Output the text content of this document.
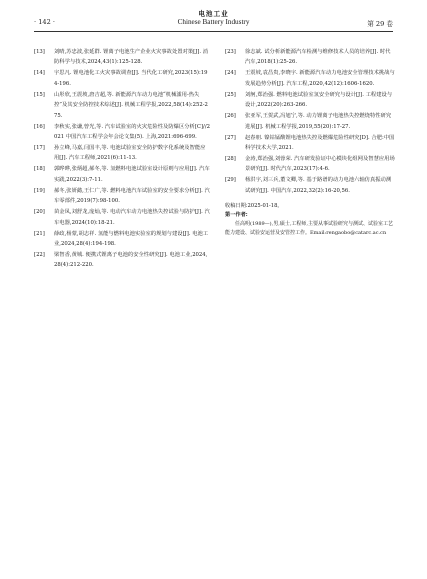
电池工业
· 142 ·	Chinese Battery Industry	第 29 卷
[13] 刘晴,苏忠波,张延群. 锂离子电池生产企业火灾事故处置对策[J]. 消防科学与技术,2024,43(1):125-128.
[14] 宇思凡. 锂电池化工火灾事故调查[J]. 当代化工研究,2023(15):194-196.
[15] 山彤欣,王震坡,唐吉超,等. 新能源汽车动力电池“机械滥用-热失控”及其安全防控技术综述[J]. 机械工程学报,2022,58(14):252-275.
[16] 李秋实,张谦,曾光,等. 汽车试验室的火灾危险性及防爆区分析[C]//2021 中国汽车工程学会年会论文集(5). 上海,2021:696-699.
[17] 孙立峰,马嘉,闫国丰,等. 电池试验室安全防护数字化系统及智能应用[J]. 汽车工程师,2021(6):11-13.
[18] 郭晔晔,张炳超,郝冬,等. 氢燃料电池试验室设计原则与应用[J]. 汽车实践,2022(3):7-11.
[19] 郝冬,张妍懿,王仁广,等. 燃料电池汽车试验室的安全要求分析[J]. 汽车零部件,2019(7):98-100.
[20] 苗金凤,刘舒龙,庞灿,等. 电动汽车动力电池热失控试验与防护[J]. 汽车电器,2024(10):18-21.
[21] 薛政,杨蒙,胡志祥. 氢能与燃料电池实验室的规划与建设[J]. 电池工业,2024,28(4):194-198.
[22] 梁智香,黄城. 便携式锂离子电池的安全性研究[J]. 电池工业,2024,28(4):212-220.
[23] 徐志斌. 试分析新能源汽车检测与维修技术人员的培养[J]. 时代汽车,2018(1):25-26.
[24] 王震坡,袁昌贵,李晓宇. 新能源汽车动力电池安全管理技术挑战与发展趋势分析[J]. 汽车工程,2020,42(12):1606-1620.
[25] 刘舸,郑治强. 燃料电池试验室氢安全研究与设计[J]. 工程建设与设计,2022(20):263-266.
[26] 张亚军,王贺武,冯旭宁,等. 动力锂离子电池热失控燃烧特性研究进展[J]. 机械工程学报,2019,55(20):17-27.
[27] 赵春朋. 镍钴锰酸锂电池热失控及燃爆危险性研究[D]. 合肥:中国科学技术大学,2021.
[28] 金涛,郑治强,刘蓉荣. 汽车研发验证中心模块化组网及智慧应用场景研究[J]. 时代汽车,2023(17):4-6.
[29] 杨洪宇,刘三兵,董文卿,等. 基于路谱的动力电池六轴仿真振动测试研究[J]. 中国汽车,2022,32(2):16-20,56.
收稿日期:2025-01-18。
第一作者:
任高明(1989—),男,硕士,工程师,主要从事试验研究与测试、试验室工艺能力建设、试验安运营及安管控工作。Email:rengaobo@catarc.ac.cn
